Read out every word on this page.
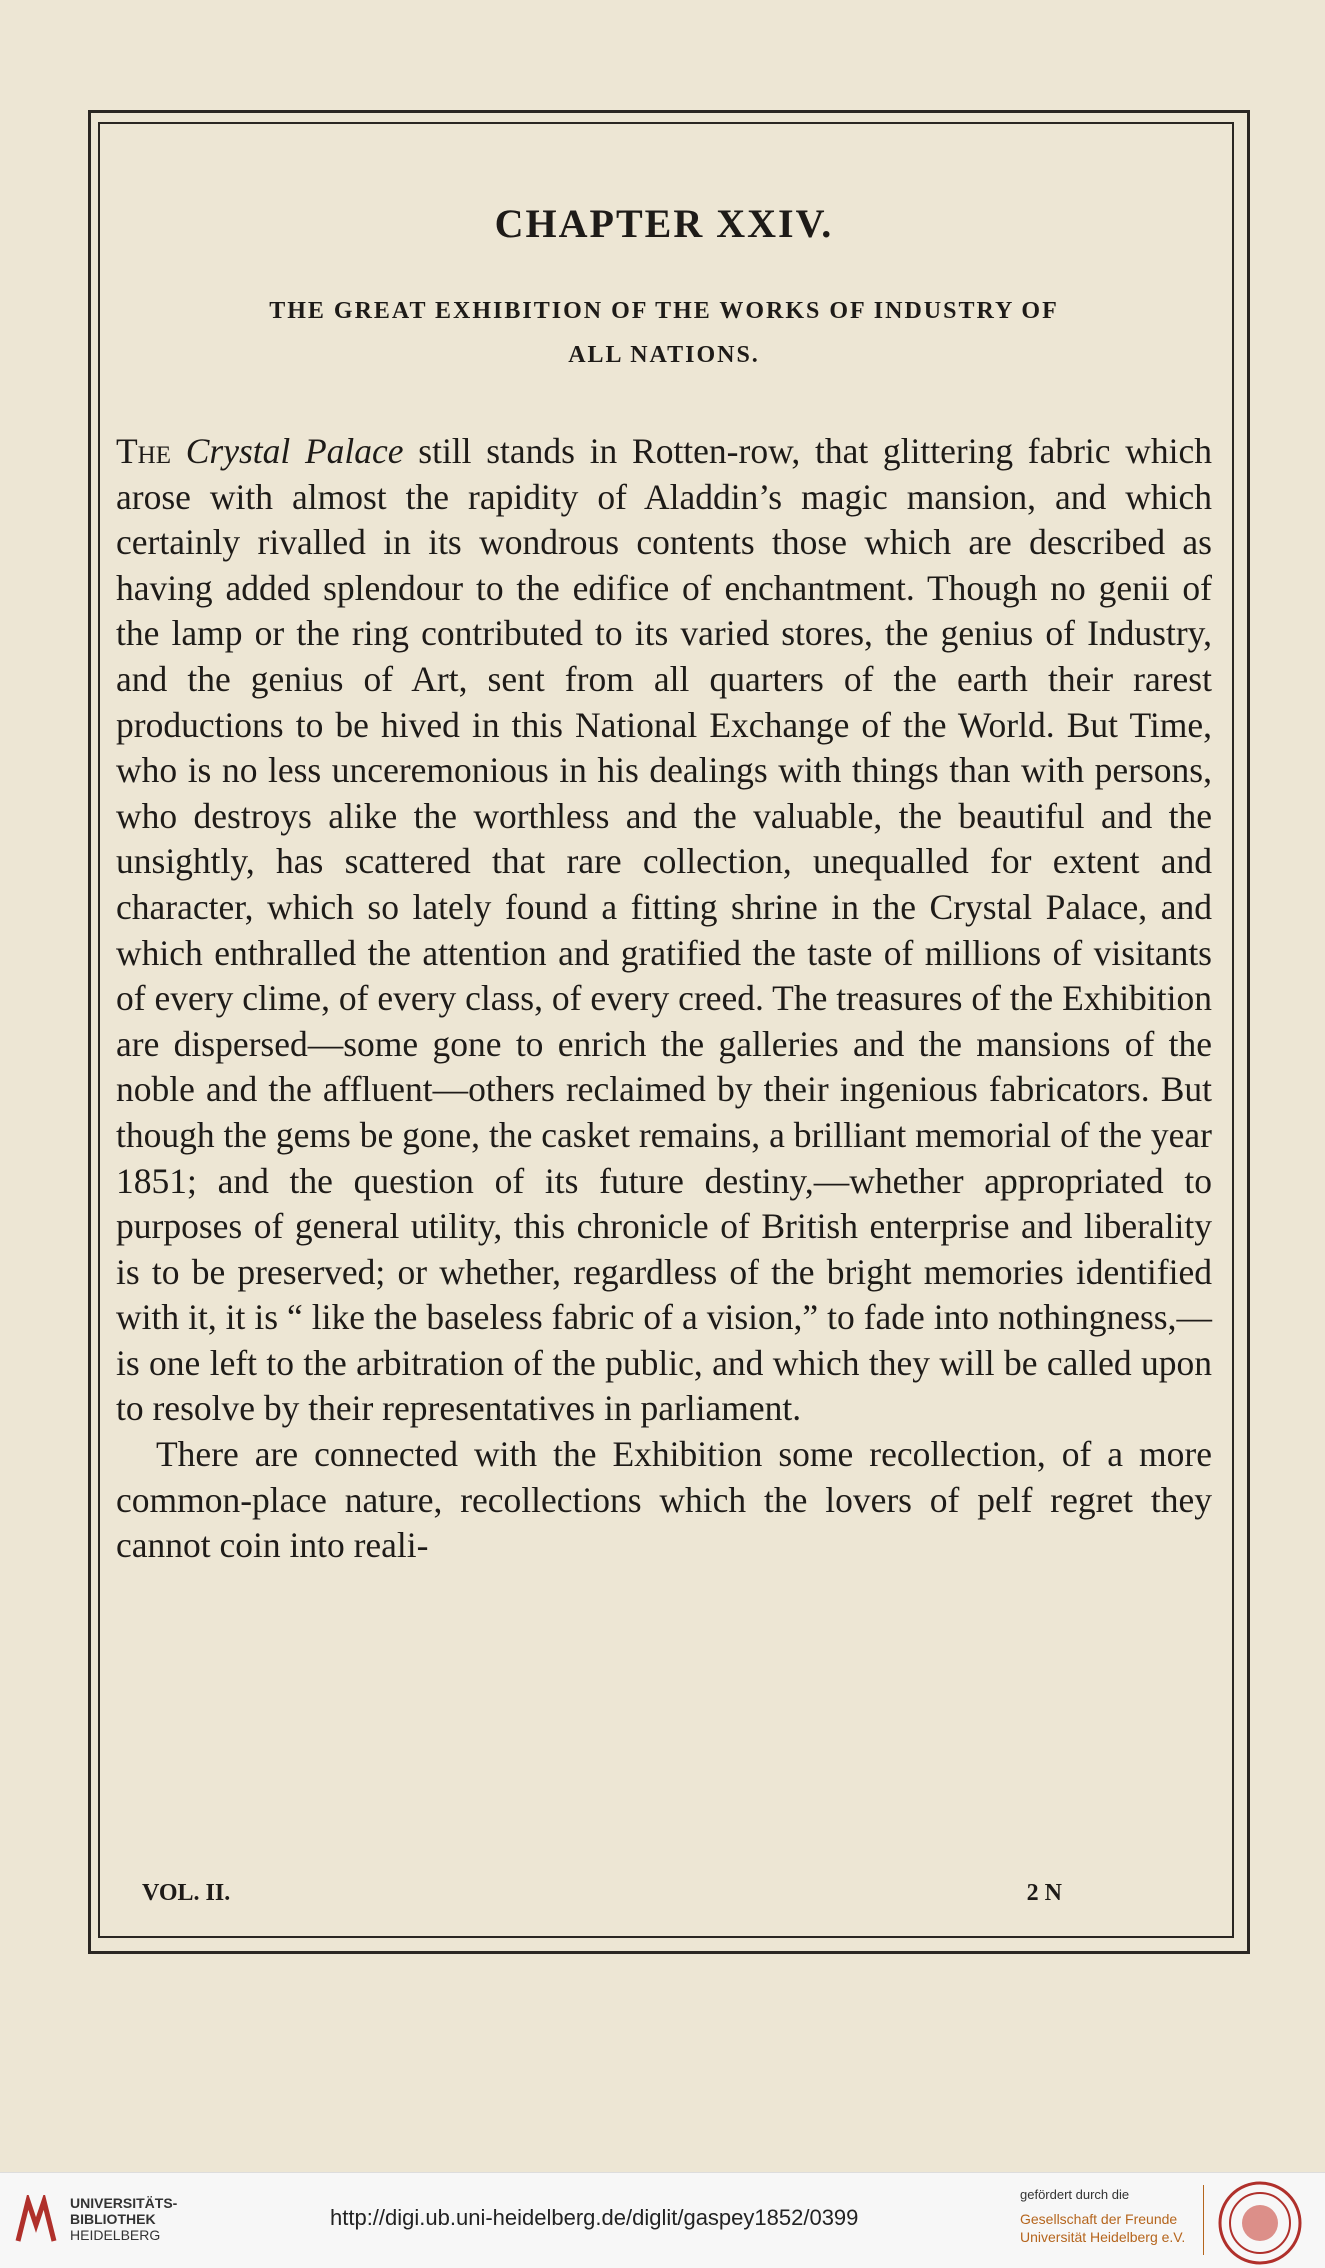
CHAPTER XXIV.
THE GREAT EXHIBITION OF THE WORKS OF INDUSTRY OF
ALL NATIONS.

The Crystal Palace still stands in Rotten-row, that glittering fabric which arose with almost the rapidity of Aladdin’s magic mansion, and which certainly rivalled in its wondrous contents those which are described as having added splendour to the edifice of enchantment. Though no genii of the lamp or the ring contributed to its varied stores, the genius of Industry, and the genius of Art, sent from all quarters of the earth their rarest productions to be hived in this National Exchange of the World. But Time, who is no less unceremonious in his dealings with things than with persons, who destroys alike the worthless and the valuable, the beautiful and the unsightly, has scattered that rare collection, unequalled for extent and character, which so lately found a fitting shrine in the Crystal Palace, and which enthralled the attention and gratified the taste of millions of visitants of every clime, of every class, of every creed. The treasures of the Exhibition are dispersed—some gone to enrich the galleries and the mansions of the noble and the affluent—others reclaimed by their ingenious fabricators. But though the gems be gone, the casket remains, a brilliant memorial of the year 1851; and the question of its future destiny,—whether appropriated to purposes of general utility, this chronicle of British enterprise and liberality is to be preserved; or whether, regardless of the bright memories identified with it, it is “ like the baseless fabric of a vision,” to fade into nothingness,—is one left to the arbitration of the public, and which they will be called upon to resolve by their representatives in parliament.

There are connected with the Exhibition some recollection, of a more common-place nature, recollections which the lovers of pelf regret they cannot coin into reali-

VOL. II.	2 N
UNIVERSITÄTS-
BIBLIOTHEK
HEIDELBERG
http://digi.ub.uni-heidelberg.de/diglit/gaspey1852/0399
gefördert durch die
Gesellschaft der Freunde
Universität Heidelberg e.V.
